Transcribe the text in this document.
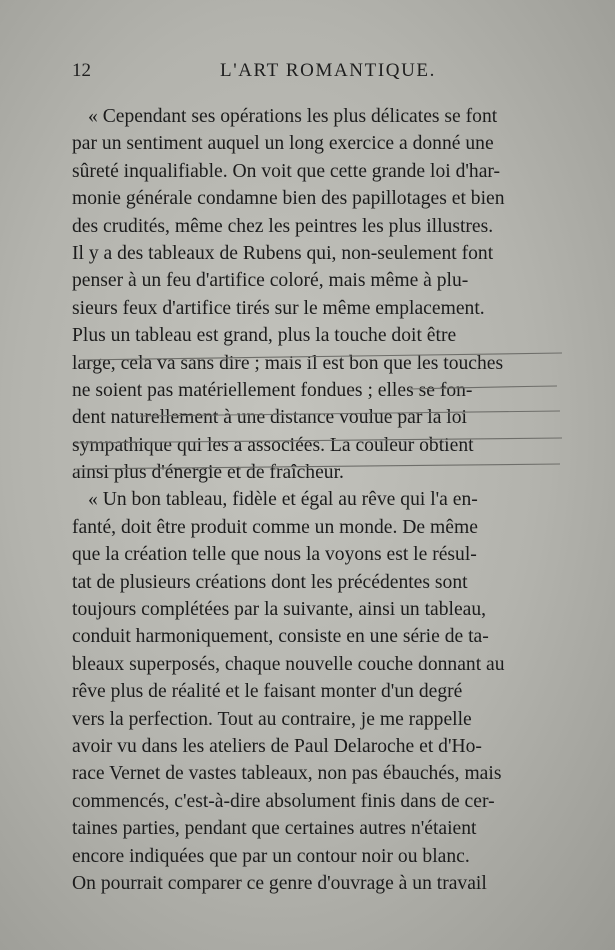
12	L'ART ROMANTIQUE.
« Cependant ses opérations les plus délicates se font
par un sentiment auquel un long exercice a donné une
sûreté inqualifiable. On voit que cette grande loi d'har-
monie générale condamne bien des papillotages et bien
des crudités, même chez les peintres les plus illustres.
Il y a des tableaux de Rubens qui, non-seulement font
penser à un feu d'artifice coloré, mais même à plu-
sieurs feux d'artifice tirés sur le même emplacement.
Plus un tableau est grand, plus la touche doit être
large, cela va sans dire ; mais il est bon que les touches
ne soient pas matériellement fondues ; elles se fon-
dent naturellement à une distance voulue par la loi
sympathique qui les a associées. La couleur obtient
ainsi plus d'énergie et de fraîcheur.
« Un bon tableau, fidèle et égal au rêve qui l'a en-
fanté, doit être produit comme un monde. De même
que la création telle que nous la voyons est le résul-
tat de plusieurs créations dont les précédentes sont
toujours complétées par la suivante, ainsi un tableau,
conduit harmoniquement, consiste en une série de ta-
bleaux superposés, chaque nouvelle couche donnant au
rêve plus de réalité et le faisant monter d'un degré
vers la perfection. Tout au contraire, je me rappelle
avoir vu dans les ateliers de Paul Delaroche et d'Ho-
race Vernet de vastes tableaux, non pas ébauchés, mais
commencés, c'est-à-dire absolument finis dans de cer-
taines parties, pendant que certaines autres n'étaient
encore indiquées que par un contour noir ou blanc.
On pourrait comparer ce genre d'ouvrage à un travail
